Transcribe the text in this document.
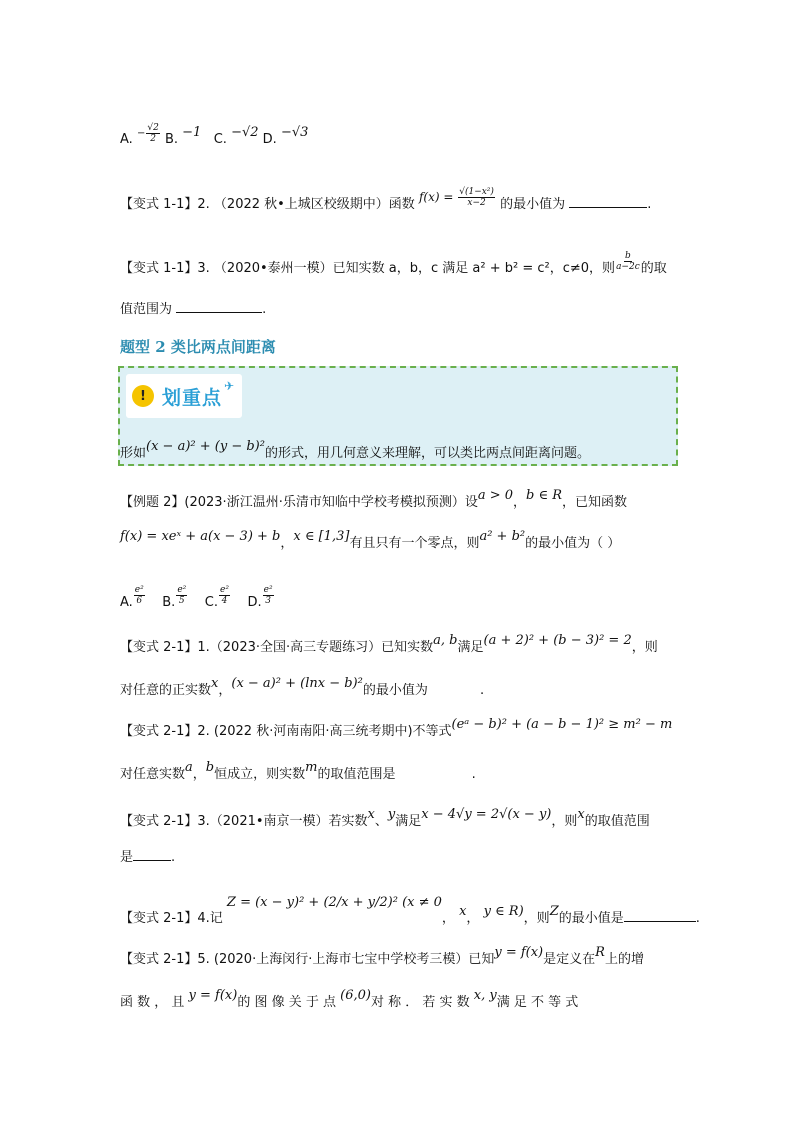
A. $^{- \frac{√2}{2}}$ B. −1 C. −√2 D. −√3
【变式 1-1】2. （2022 秋•上城区校级期中）函数 $f(x) = \frac{\text{√(1−x²)}}{x-2}$ 的最小值为	.
【变式 1-1】3. （2020•泰州一模）已知实数 a，b，c 满足 a² + b² = c²，c≠0，则 $\frac{b}{a-2c}$ 的取
值范围为	.
题型 2 类比两点间距离
! 划重点
✈
形如(x − a)² + (y − b)²的形式，用几何意义来理解，可以类比两点间距离问题。
【例题 2】(2023·浙江温州·乐清市知临中学校考模拟预测）设a > 0，b ∈ R，已知函数
f(x) = xeˣ + a(x − 3) + b，x ∈ [1,3]有且只有一个零点，则a² + b²的最小值为（ ）
A. $\frac{\text{e²}}{6} B$. $\frac{\text{e²}}{5} C$. $\frac{\text{e²}}{4} D$. $\frac{\text{e²}}{3}$
【变式 2-1】1.（2023·全国·高三专题练习）已知实数a, b满足(a + 2)² + (b − 3)² = 2，则
对任意的正实数x，(x − a)² + (lnx − b)²的最小值为	.
【变式 2-1】2. (2022 秋·河南南阳·高三统考期中)不等式(eᵃ − b)² + (a − b − 1)² ≥ m² − m
对任意实数a，b恒成立，则实数m的取值范围是	.
【变式 2-1】3.（2021•南京一模）若实数x、y满足x − 4√y = 2√(x − y)，则x的取值范围
是	.
【变式 2-1】4.记 Z = (x − y)² + (2/x + y/2)² (x ≠ 0， x， y ∈ R)，则Z的最小值是	.
【变式 2-1】5. (2020·上海闵行·上海市七宝中学校考三模）已知y = f(x)是定义在R上的增
函 数 ， 且 y = f(x)的 图 像 关 于 点 (6,0)对 称 ． 若 实 数 x, y满 足 不 等 式
